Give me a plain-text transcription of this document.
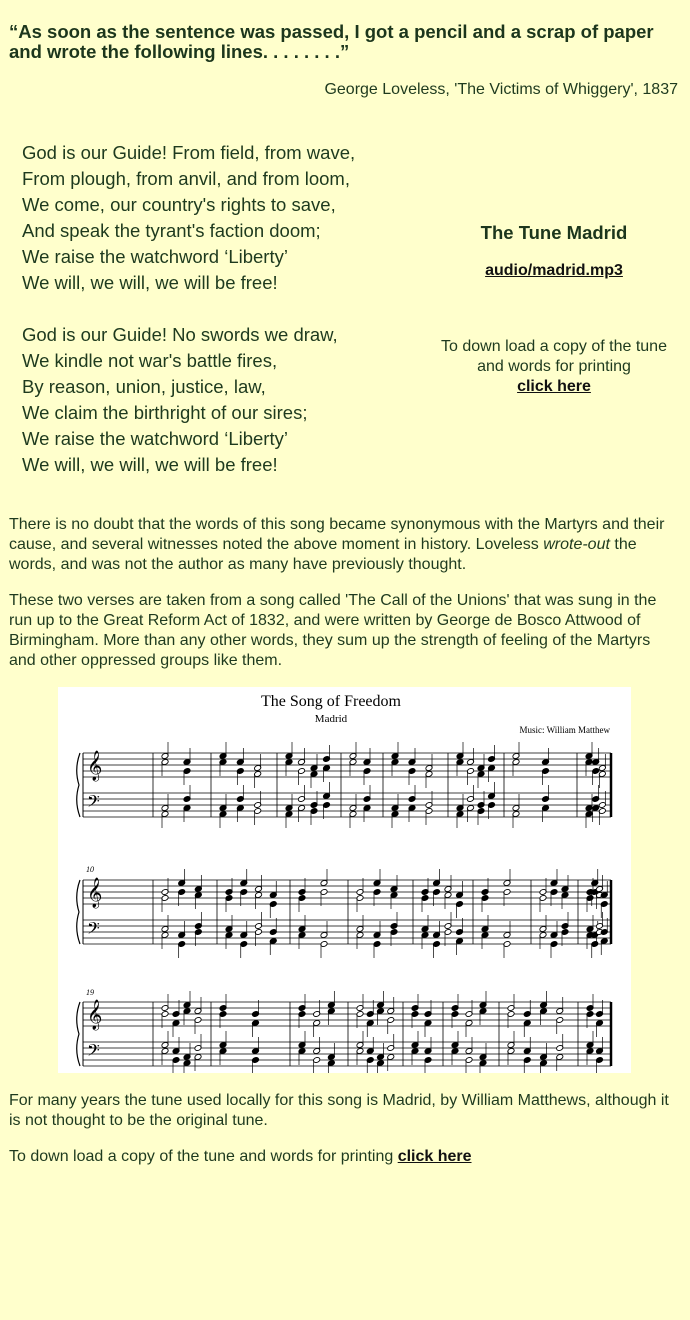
“As soon as the sentence was passed, I got a pencil and a scrap of paper and wrote the following lines. . . . . . . .”
George Loveless, 'The Victims of Whiggery', 1837
God is our Guide! From field, from wave,
From plough, from anvil, and from loom,
We come, our country's rights to save,
And speak the tyrant's faction doom;
We raise the watchword ‘Liberty’
We will, we will, we will be free!
God is our Guide! No swords we draw,
We kindle not war's battle fires,
By reason, union, justice, law,
We claim the birthright of our sires;
We raise the watchword ‘Liberty’
We will, we will, we will be free!
The Tune Madrid
audio/madrid.mp3
To down load a copy of the tune and words for printing
click here
There is no doubt that the words of this song became synonymous with the Martyrs and their cause, and several witnesses noted the above moment in history. Loveless wrote-out the words, and was not the author as many have previously thought.
These two verses are taken from a song called 'The Call of the Unions' that was sung in the run up to the Great Reform Act of 1832, and were written by George de Bosco Attwood of Birmingham. More than any other words, they sum up the strength of feeling of the Martyrs and other oppressed groups like them.
The Song of Freedom
Madrid
Music: William Matthew
10
19
𝄞
𝄢
𝄞
𝄢
𝄞
𝄢
For many years the tune used locally for this song is Madrid, by William Matthews, although it is not thought to be the original tune.
To down load a copy of the tune and words for printing click here
